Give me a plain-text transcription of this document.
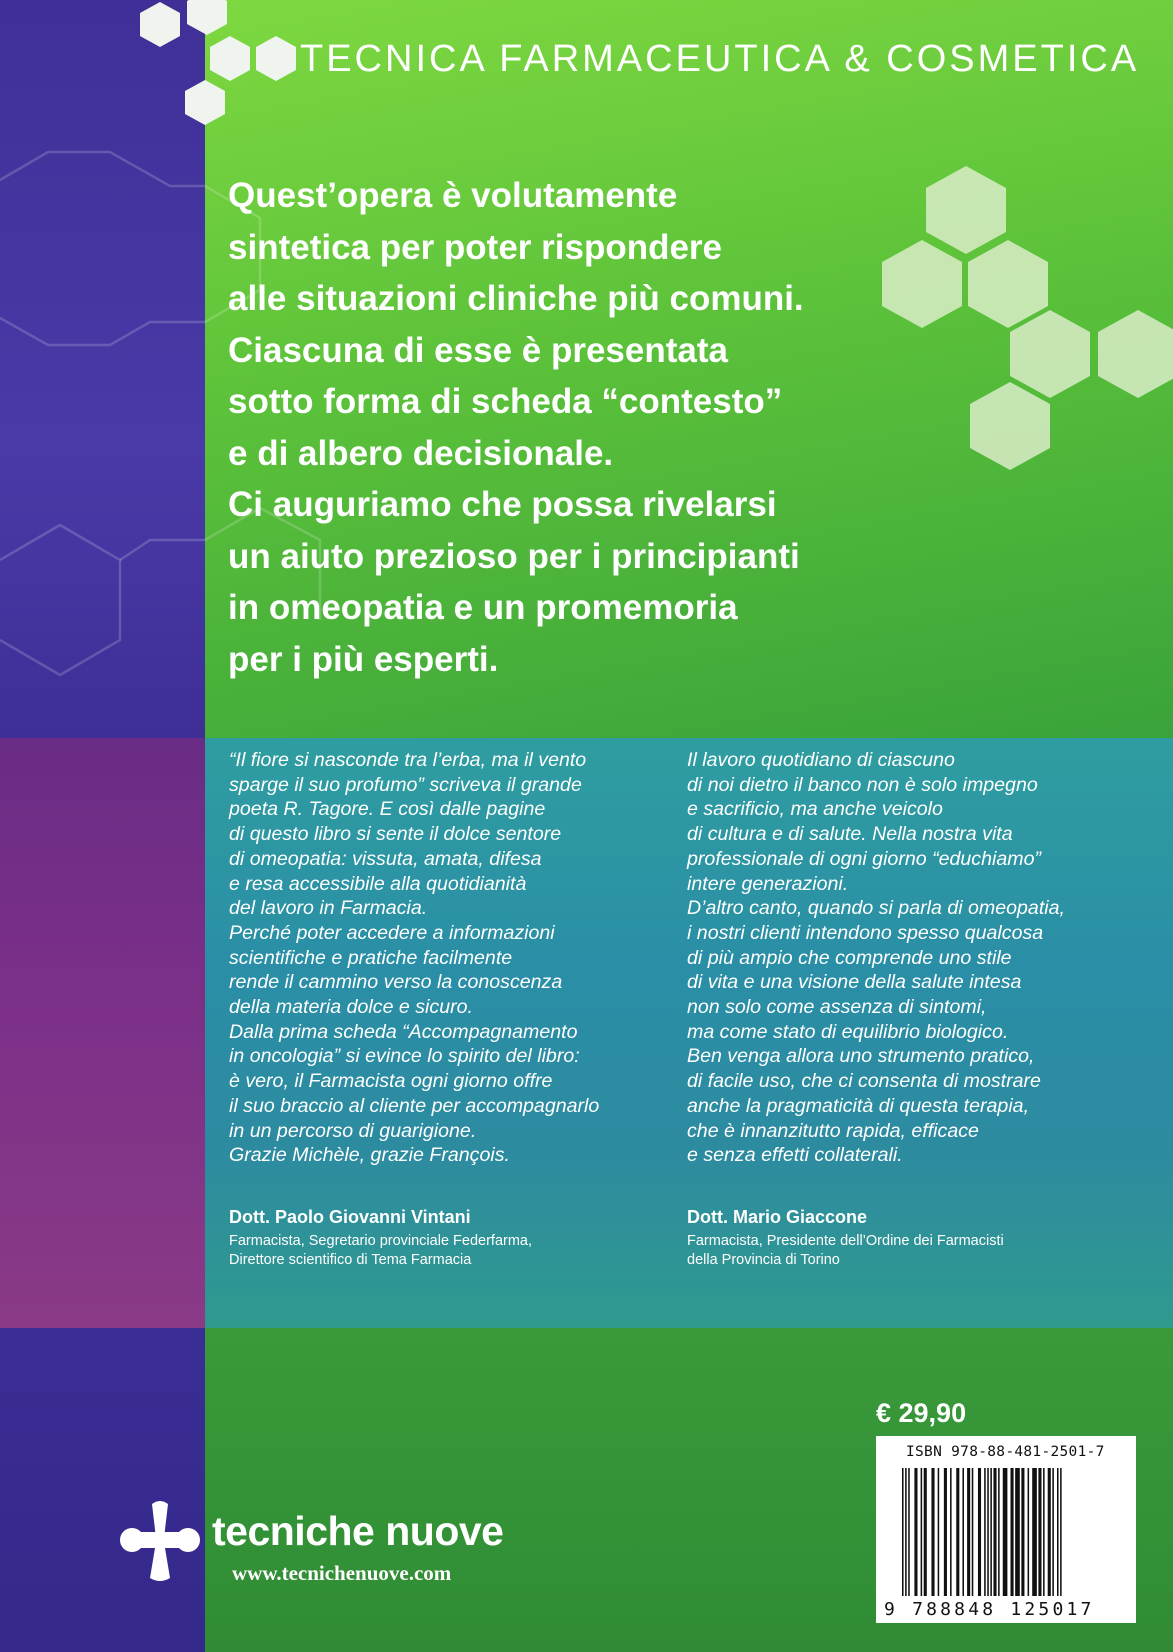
TECNICA FARMACEUTICA & COSMETICA
Quest’opera è volutamente
sintetica per poter rispondere
alle situazioni cliniche più comuni.
Ciascuna di esse è presentata
sotto forma di scheda “contesto”
e di albero decisionale.
Ci auguriamo che possa rivelarsi
un aiuto prezioso per i principianti
in omeopatia e un promemoria
per i più esperti.
“Il fiore si nasconde tra l’erba, ma il vento
sparge il suo profumo” scriveva il grande
poeta R. Tagore. E così dalle pagine
di questo libro si sente il dolce sentore
di omeopatia: vissuta, amata, difesa
e resa accessibile alla quotidianità
del lavoro in Farmacia.
Perché poter accedere a informazioni
scientifiche e pratiche facilmente
rende il cammino verso la conoscenza
della materia dolce e sicuro.
Dalla prima scheda “Accompagnamento
in oncologia” si evince lo spirito del libro:
è vero, il Farmacista ogni giorno offre
il suo braccio al cliente per accompagnarlo
in un percorso di guarigione.
Grazie Michèle, grazie François.
Il lavoro quotidiano di ciascuno
di noi dietro il banco non è solo impegno
e sacrificio, ma anche veicolo
di cultura e di salute. Nella nostra vita
professionale di ogni giorno “educhiamo”
intere generazioni.
D’altro canto, quando si parla di omeopatia,
i nostri clienti intendono spesso qualcosa
di più ampio che comprende uno stile
di vita e una visione della salute intesa
non solo come assenza di sintomi,
ma come stato di equilibrio biologico.
Ben venga allora uno strumento pratico,
di facile uso, che ci consenta di mostrare
anche la pragmaticità di questa terapia,
che è innanzitutto rapida, efficace
e senza effetti collaterali.
Dott. Paolo Giovanni Vintani
Farmacista, Segretario provinciale Federfarma,
Direttore scientifico di Tema Farmacia
Dott. Mario Giaccone
Farmacista, Presidente dell’Ordine dei Farmacisti
della Provincia di Torino
€ 29,90
ISBN 978-88-481-2501-7
9 788848 125017
tecniche nuove
www.tecnichenuove.com
